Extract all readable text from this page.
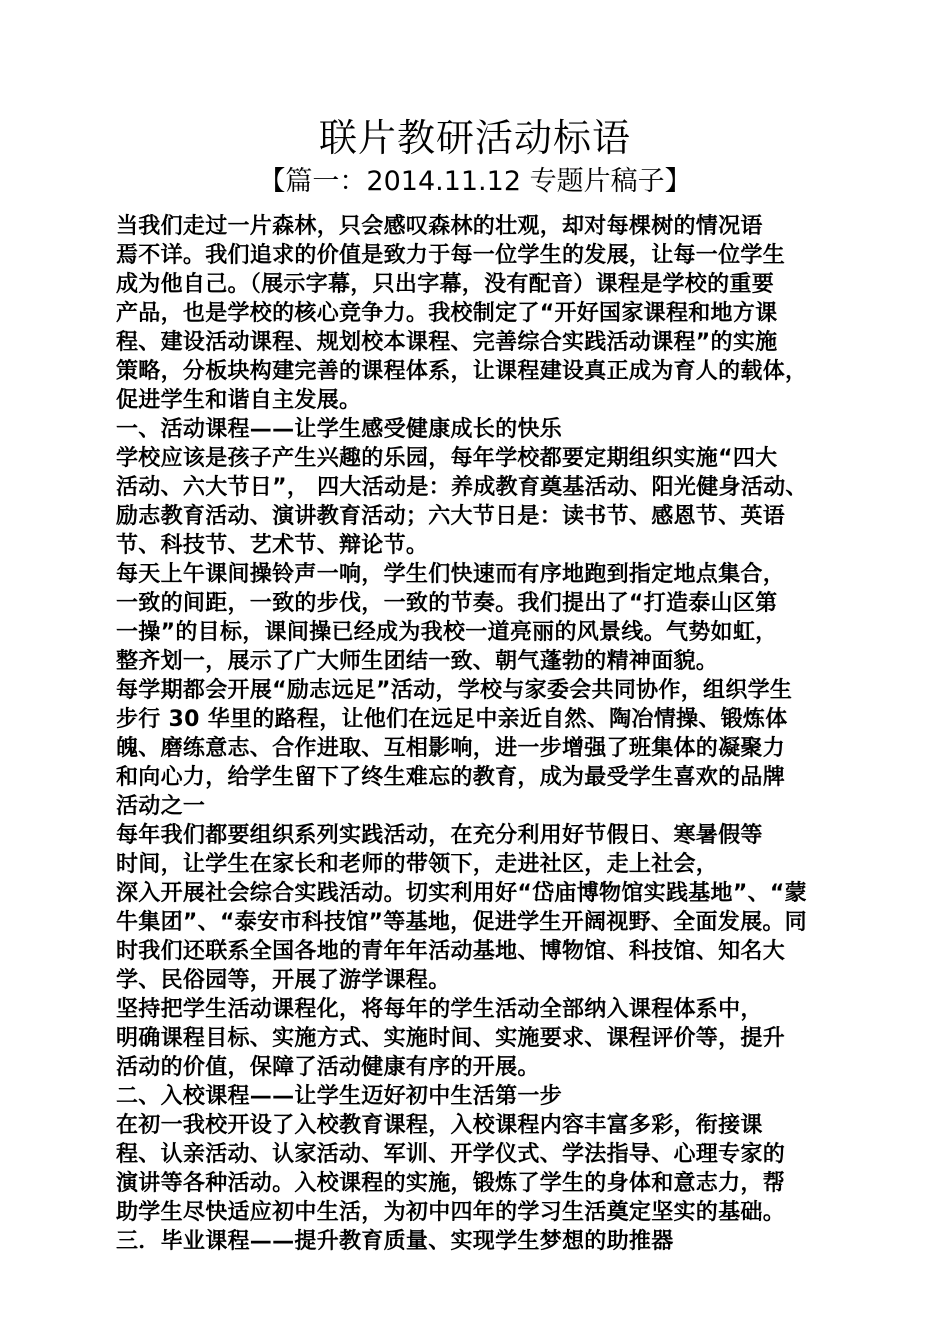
联片教研活动标语
【篇一：2014.11.12 专题片稿子】
当我们走过一片森林，只会感叹森林的壮观，却对每棵树的情况语
焉不详。我们追求的价值是致力于每一位学生的发展，让每一位学生
成为他自己。（展示字幕，只出字幕，没有配音）课程是学校的重要
产品，也是学校的核心竞争力。我校制定了“开好国家课程和地方课
程、建设活动课程、规划校本课程、完善综合实践活动课程”的实施
策略，分板块构建完善的课程体系，让课程建设真正成为育人的载体，
促进学生和谐自主发展。
一、活动课程——让学生感受健康成长的快乐
学校应该是孩子产生兴趣的乐园，每年学校都要定期组织实施“四大
活动、六大节日”， 四大活动是：养成教育奠基活动、阳光健身活动、
励志教育活动、演讲教育活动；六大节日是：读书节、感恩节、英语
节、科技节、艺术节、辩论节。
每天上午课间操铃声一响，学生们快速而有序地跑到指定地点集合，
一致的间距，一致的步伐，一致的节奏。我们提出了“打造泰山区第
一操”的目标，课间操已经成为我校一道亮丽的风景线。气势如虹，
整齐划一，展示了广大师生团结一致、朝气蓬勃的精神面貌。
每学期都会开展“励志远足”活动，学校与家委会共同协作，组织学生
步行 30 华里的路程，让他们在远足中亲近自然、陶冶情操、锻炼体
魄、磨练意志、合作进取、互相影响，进一步增强了班集体的凝聚力
和向心力，给学生留下了终生难忘的教育，成为最受学生喜欢的品牌
活动之一
每年我们都要组织系列实践活动，在充分利用好节假日、寒暑假等
时间，让学生在家长和老师的带领下，走进社区，走上社会，
深入开展社会综合实践活动。切实利用好“岱庙博物馆实践基地”、“蒙
牛集团”、“泰安市科技馆”等基地，促进学生开阔视野、全面发展。同
时我们还联系全国各地的青年年活动基地、博物馆、科技馆、知名大
学、民俗园等，开展了游学课程。
坚持把学生活动课程化，将每年的学生活动全部纳入课程体系中，
明确课程目标、实施方式、实施时间、实施要求、课程评价等，提升
活动的价值，保障了活动健康有序的开展。
二、入校课程——让学生迈好初中生活第一步
在初一我校开设了入校教育课程，入校课程内容丰富多彩，衔接课
程、认亲活动、认家活动、军训、开学仪式、学法指导、心理专家的
演讲等各种活动。入校课程的实施，锻炼了学生的身体和意志力，帮
助学生尽快适应初中生活，为初中四年的学习生活奠定坚实的基础。
三．毕业课程——提升教育质量、实现学生梦想的助推器
